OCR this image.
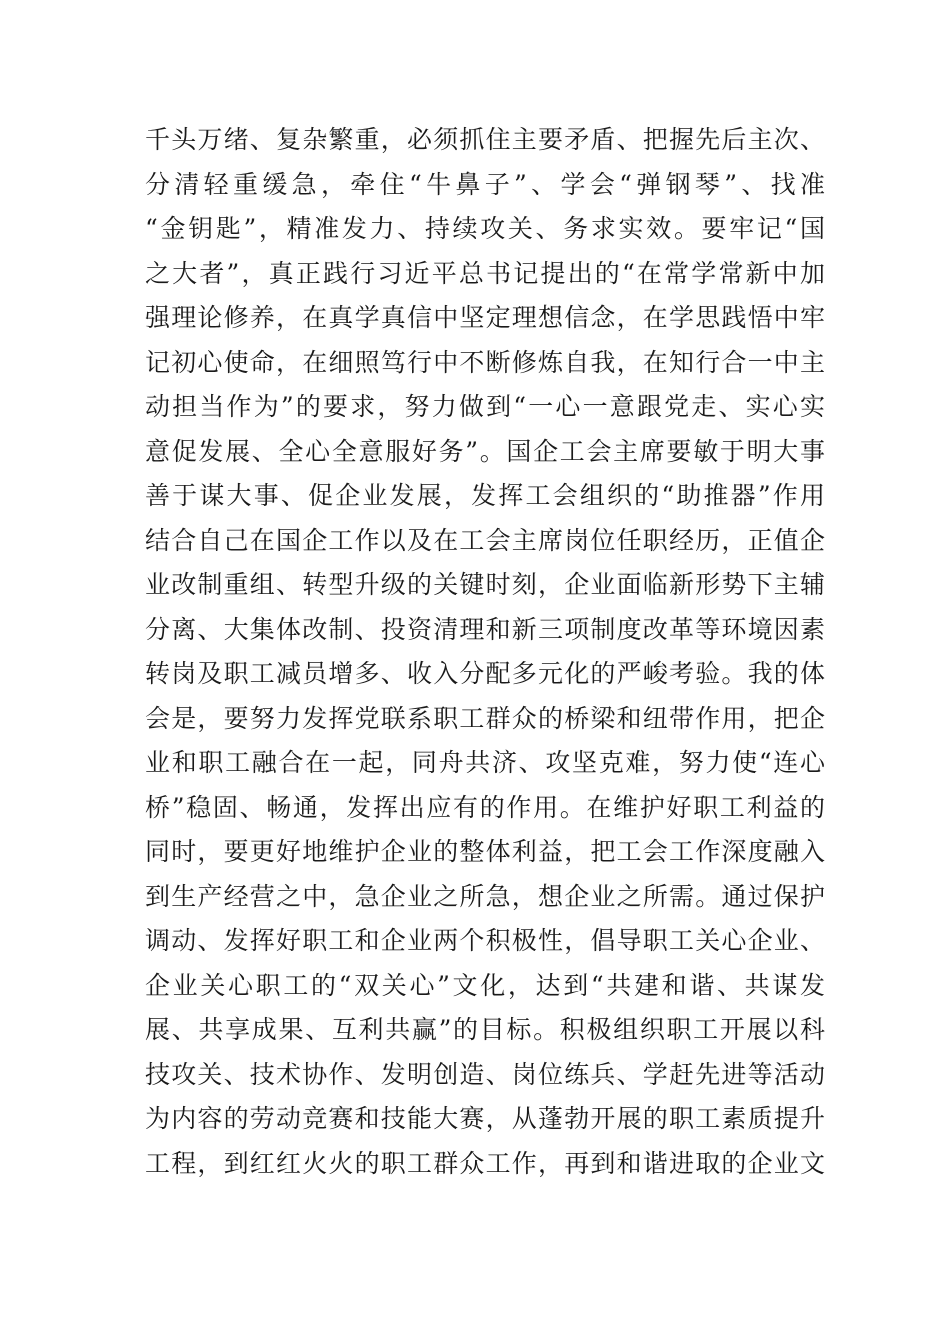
千头万绪、复杂繁重，必须抓住主要矛盾、把握先后主次、
分清轻重缓急，牵住“牛鼻子”、学会“弹钢琴”、找准
“金钥匙”，精准发力、持续攻关、务求实效。要牢记“国
之大者”，真正践行习近平总书记提出的“在常学常新中加
强理论修养，在真学真信中坚定理想信念，在学思践悟中牢
记初心使命，在细照笃行中不断修炼自我，在知行合一中主
动担当作为”的要求，努力做到“一心一意跟党走、实心实
意促发展、全心全意服好务”。国企工会主席要敏于明大事
善于谋大事、促企业发展，发挥工会组织的“助推器”作用
结合自己在国企工作以及在工会主席岗位任职经历，正值企
业改制重组、转型升级的关键时刻，企业面临新形势下主辅
分离、大集体改制、投资清理和新三项制度改革等环境因素
转岗及职工减员增多、收入分配多元化的严峻考验。我的体
会是，要努力发挥党联系职工群众的桥梁和纽带作用，把企
业和职工融合在一起，同舟共济、攻坚克难，努力使“连心
桥”稳固、畅通，发挥出应有的作用。在维护好职工利益的
同时，要更好地维护企业的整体利益，把工会工作深度融入
到生产经营之中，急企业之所急，想企业之所需。通过保护
调动、发挥好职工和企业两个积极性，倡导职工关心企业、
企业关心职工的“双关心”文化，达到“共建和谐、共谋发
展、共享成果、互利共赢”的目标。积极组织职工开展以科
技攻关、技术协作、发明创造、岗位练兵、学赶先进等活动
为内容的劳动竞赛和技能大赛，从蓬勃开展的职工素质提升
工程，到红红火火的职工群众工作，再到和谐进取的企业文
